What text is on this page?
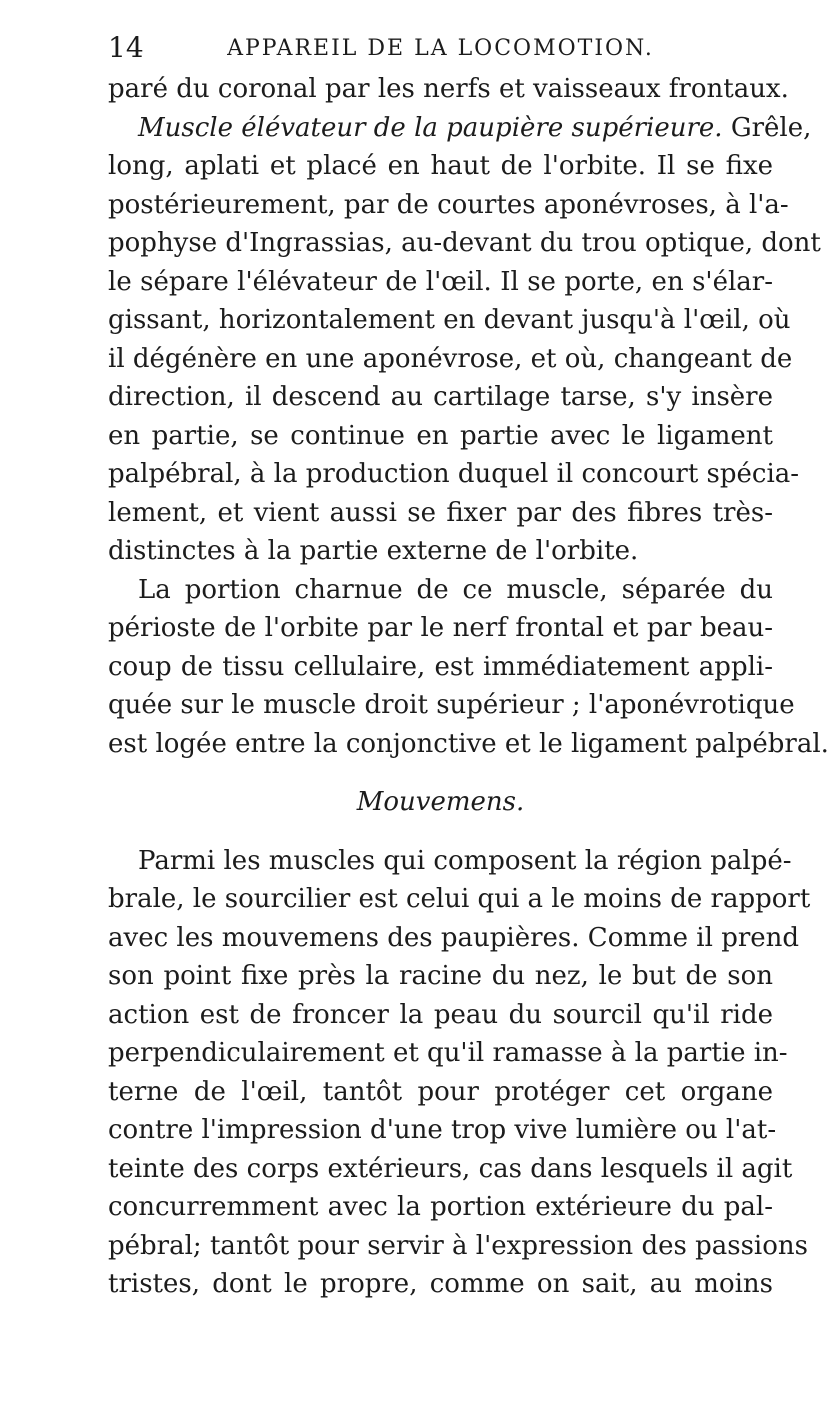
14	APPAREIL DE LA LOCOMOTION.
paré du coronal par les nerfs et vaisseaux frontaux.
Muscle élévateur de la paupière supérieure. Grêle,
long, aplati et placé en haut de l'orbite. Il se fixe
postérieurement, par de courtes aponévroses, à l'a-
pophyse d'Ingrassias, au-devant du trou optique, dont
le sépare l'élévateur de l'œil. Il se porte, en s'élar-
gissant, horizontalement en devant jusqu'à l'œil, où
il dégénère en une aponévrose, et où, changeant de
direction, il descend au cartilage tarse, s'y insère
en partie, se continue en partie avec le ligament
palpébral, à la production duquel il concourt spécia-
lement, et vient aussi se fixer par des fibres très-
distinctes à la partie externe de l'orbite.
La portion charnue de ce muscle, séparée du
périoste de l'orbite par le nerf frontal et par beau-
coup de tissu cellulaire, est immédiatement appli-
quée sur le muscle droit supérieur ; l'aponévrotique
est logée entre la conjonctive et le ligament palpébral.
Mouvemens.
Parmi les muscles qui composent la région palpé-
brale, le sourcilier est celui qui a le moins de rapport
avec les mouvemens des paupières. Comme il prend
son point fixe près la racine du nez, le but de son
action est de froncer la peau du sourcil qu'il ride
perpendiculairement et qu'il ramasse à la partie in-
terne de l'œil, tantôt pour protéger cet organe
contre l'impression d'une trop vive lumière ou l'at-
teinte des corps extérieurs, cas dans lesquels il agit
concurremment avec la portion extérieure du pal-
pébral; tantôt pour servir à l'expression des passions
tristes, dont le propre, comme on sait, au moins
